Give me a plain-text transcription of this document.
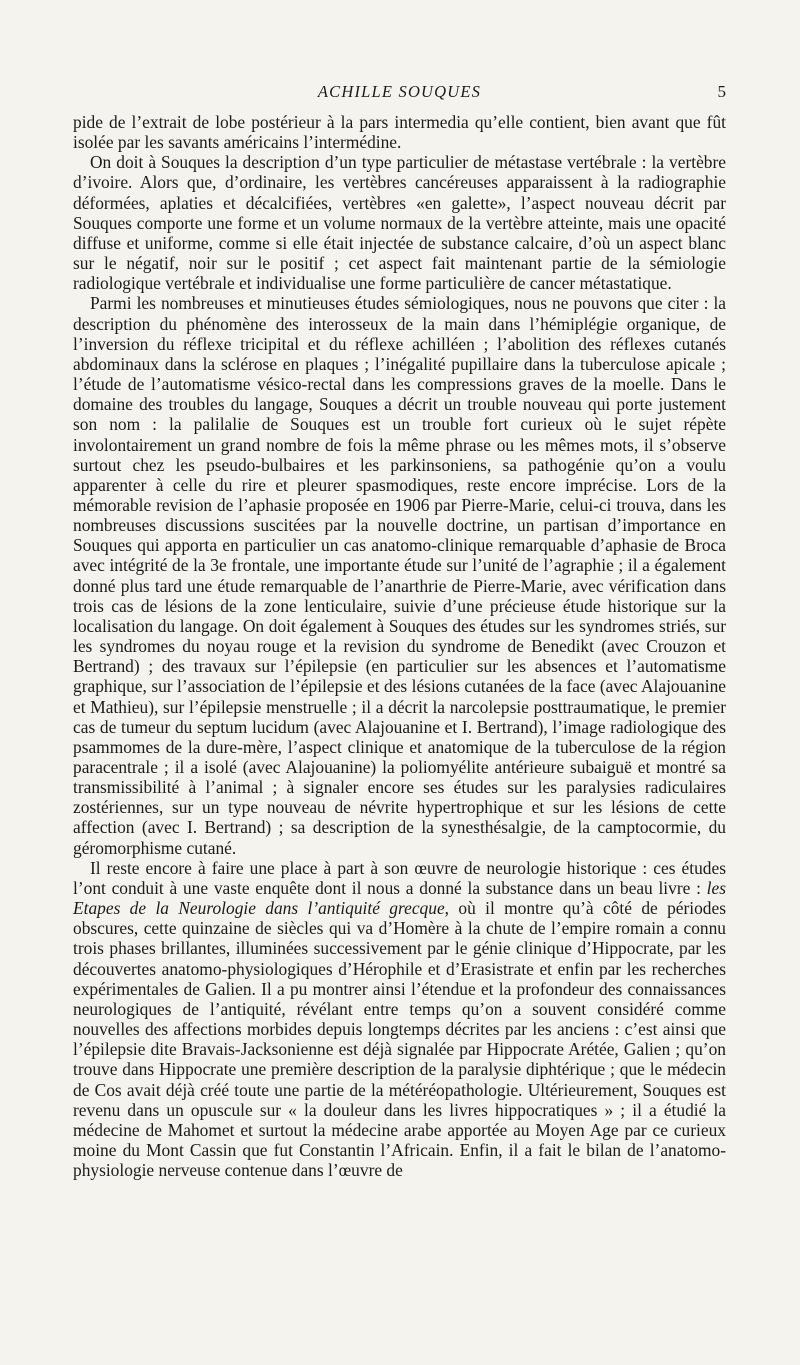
ACHILLE SOUQUES	5

pide de l’extrait de lobe postérieur à la pars intermedia qu’elle contient, bien avant que fût isolée par les savants américains l’intermédine.

On doit à Souques la description d’un type particulier de métastase vertébrale : la vertèbre d’ivoire. Alors que, d’ordinaire, les vertèbres cancéreuses apparaissent à la radiographie déformées, aplaties et décalcifiées, vertèbres «en galette», l’aspect nouveau décrit par Souques comporte une forme et un volume normaux de la vertèbre atteinte, mais une opacité diffuse et uniforme, comme si elle était injectée de substance calcaire, d’où un aspect blanc sur le négatif, noir sur le positif ; cet aspect fait maintenant partie de la sémiologie radiologique vertébrale et individualise une forme particulière de cancer métastatique.

Parmi les nombreuses et minutieuses études sémiologiques, nous ne pouvons que citer : la description du phénomène des interosseux de la main dans l’hémiplégie organique, de l’inversion du réflexe tricipital et du réflexe achilléen ; l’abolition des réflexes cutanés abdominaux dans la sclérose en plaques ; l’inégalité pupillaire dans la tuberculose apicale ; l’étude de l’automatisme vésico-rectal dans les compressions graves de la moelle. Dans le domaine des troubles du langage, Souques a décrit un trouble nouveau qui porte justement son nom : la palilalie de Souques est un trouble fort curieux où le sujet répète involontairement un grand nombre de fois la même phrase ou les mêmes mots, il s’observe surtout chez les pseudo-bulbaires et les parkinsoniens, sa pathogénie qu’on a voulu apparenter à celle du rire et pleurer spasmodiques, reste encore imprécise. Lors de la mémorable revision de l’aphasie proposée en 1906 par Pierre-Marie, celui-ci trouva, dans les nombreuses discussions suscitées par la nouvelle doctrine, un partisan d’importance en Souques qui apporta en particulier un cas anatomo-clinique remarquable d’aphasie de Broca avec intégrité de la 3e frontale, une importante étude sur l’unité de l’agraphie ; il a également donné plus tard une étude remarquable de l’anarthrie de Pierre-Marie, avec vérification dans trois cas de lésions de la zone lenticulaire, suivie d’une précieuse étude historique sur la localisation du langage. On doit également à Souques des études sur les syndromes striés, sur les syndromes du noyau rouge et la revision du syndrome de Benedikt (avec Crouzon et Bertrand) ; des travaux sur l’épilepsie (en particulier sur les absences et l’automatisme graphique, sur l’association de l’épilepsie et des lésions cutanées de la face (avec Alajouanine et Mathieu), sur l’épilepsie menstruelle ; il a décrit la narcolepsie posttraumatique, le premier cas de tumeur du septum lucidum (avec Alajouanine et I. Bertrand), l’image radiologique des psammomes de la dure-mère, l’aspect clinique et anatomique de la tuberculose de la région paracentrale ; il a isolé (avec Alajouanine) la poliomyélite antérieure subaiguë et montré sa transmissibilité à l’animal ; à signaler encore ses études sur les paralysies radiculaires zostériennes, sur un type nouveau de névrite hypertrophique et sur les lésions de cette affection (avec I. Bertrand) ; sa description de la synesthésalgie, de la camptocormie, du géromorphisme cutané.

Il reste encore à faire une place à part à son œuvre de neurologie historique : ces études l’ont conduit à une vaste enquête dont il nous a donné la substance dans un beau livre : les Etapes de la Neurologie dans l’antiquité grecque, où il montre qu’à côté de périodes obscures, cette quinzaine de siècles qui va d’Homère à la chute de l’empire romain a connu trois phases brillantes, illuminées successivement par le génie clinique d’Hippocrate, par les découvertes anatomo-physiologiques d’Hérophile et d’Erasistrate et enfin par les recherches expérimentales de Galien. Il a pu montrer ainsi l’étendue et la profondeur des connaissances neurologiques de l’antiquité, révélant entre temps qu’on a souvent considéré comme nouvelles des affections morbides depuis longtemps décrites par les anciens : c’est ainsi que l’épilepsie dite Bravais-Jacksonienne est déjà signalée par Hippocrate Arétée, Galien ; qu’on trouve dans Hippocrate une première description de la paralysie diphtérique ; que le médecin de Cos avait déjà créé toute une partie de la météréopathologie. Ultérieurement, Souques est revenu dans un opuscule sur « la douleur dans les livres hippocratiques » ; il a étudié la médecine de Mahomet et surtout la médecine arabe apportée au Moyen Age par ce curieux moine du Mont Cassin que fut Constantin l’Africain. Enfin, il a fait le bilan de l’anatomo-physiologie nerveuse contenue dans l’œuvre de
